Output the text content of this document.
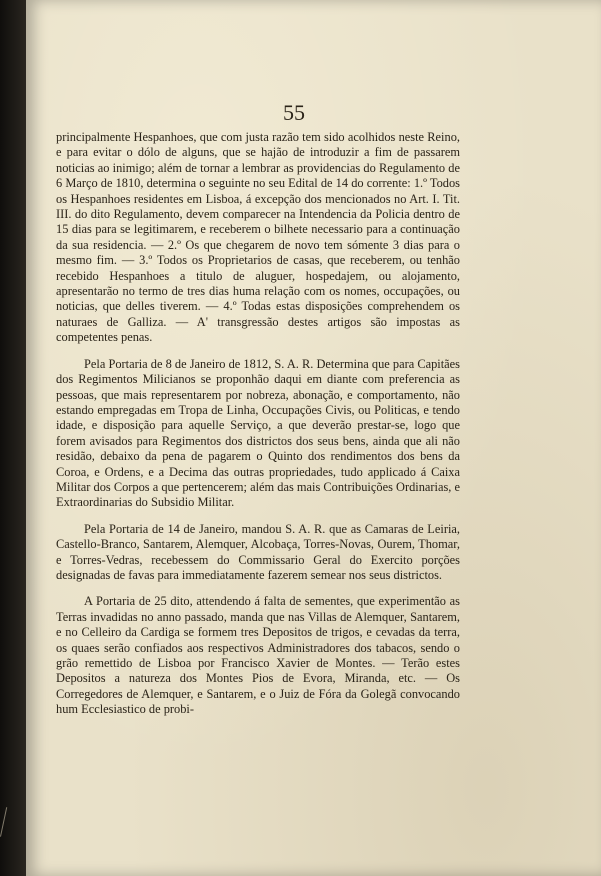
55

principalmente Hespanhoes, que com justa razão tem sido acolhidos neste Reino, e para evitar o dólo de alguns, que se hajão de introduzir a fim de passarem noticias ao inimigo; além de tornar a lembrar as providencias do Regulamento de 6 Março de 1810, determina o seguinte no seu Edital de 14 do corrente: 1.º Todos os Hespanhoes residentes em Lisboa, á excepção dos mencionados no Art. I. Tit. III. do dito Regulamento, devem comparecer na Intendencia da Policia dentro de 15 dias para se legitimarem, e receberem o bilhete necessario para a continuação da sua residencia. — 2.º Os que chegarem de novo tem sómente 3 dias para o mesmo fim. — 3.º Todos os Proprietarios de casas, que receberem, ou tenhão recebido Hespanhoes a titulo de aluguer, hospedajem, ou alojamento, apresentarão no termo de tres dias huma relação com os nomes, occupações, ou noticias, que delles tiverem. — 4.º Todas estas disposições comprehendem os naturaes de Galliza. — A' transgressão destes artigos são impostas as competentes penas.

Pela Portaria de 8 de Janeiro de 1812, S. A. R. Determina que para Capitães dos Regimentos Milicianos se proponhão daqui em diante com preferencia as pessoas, que mais representarem por nobreza, abonação, e comportamento, não estando empregadas em Tropa de Linha, Occupações Civis, ou Politicas, e tendo idade, e disposição para aquelle Serviço, a que deverão prestar-se, logo que forem avisados para Regimentos dos districtos dos seus bens, ainda que ali não residão, debaixo da pena de pagarem o Quinto dos rendimentos dos bens da Coroa, e Ordens, e a Decima das outras propriedades, tudo applicado á Caixa Militar dos Corpos a que pertencerem; além das mais Contribuições Ordinarias, e Extraordinarias do Subsidio Militar.

Pela Portaria de 14 de Janeiro, mandou S. A. R. que as Camaras de Leiria, Castello-Branco, Santarem, Alemquer, Alcobaça, Torres-Novas, Ourem, Thomar, e Torres-Vedras, recebessem do Commissario Geral do Exercito porções designadas de favas para immediatamente fazerem semear nos seus districtos.

A Portaria de 25 dito, attendendo á falta de sementes, que experimentão as Terras invadidas no anno passado, manda que nas Villas de Alemquer, Santarem, e no Celleiro da Cardiga se formem tres Depositos de trigos, e cevadas da terra, os quaes serão confiados aos respectivos Administradores dos tabacos, sendo o grão remettido de Lisboa por Francisco Xavier de Montes. — Terão estes Depositos a natureza dos Montes Pios de Evora, Miranda, etc. — Os Corregedores de Alemquer, e Santarem, e o Juiz de Fóra da Golegã convocando hum Ecclesiastico de probi-
